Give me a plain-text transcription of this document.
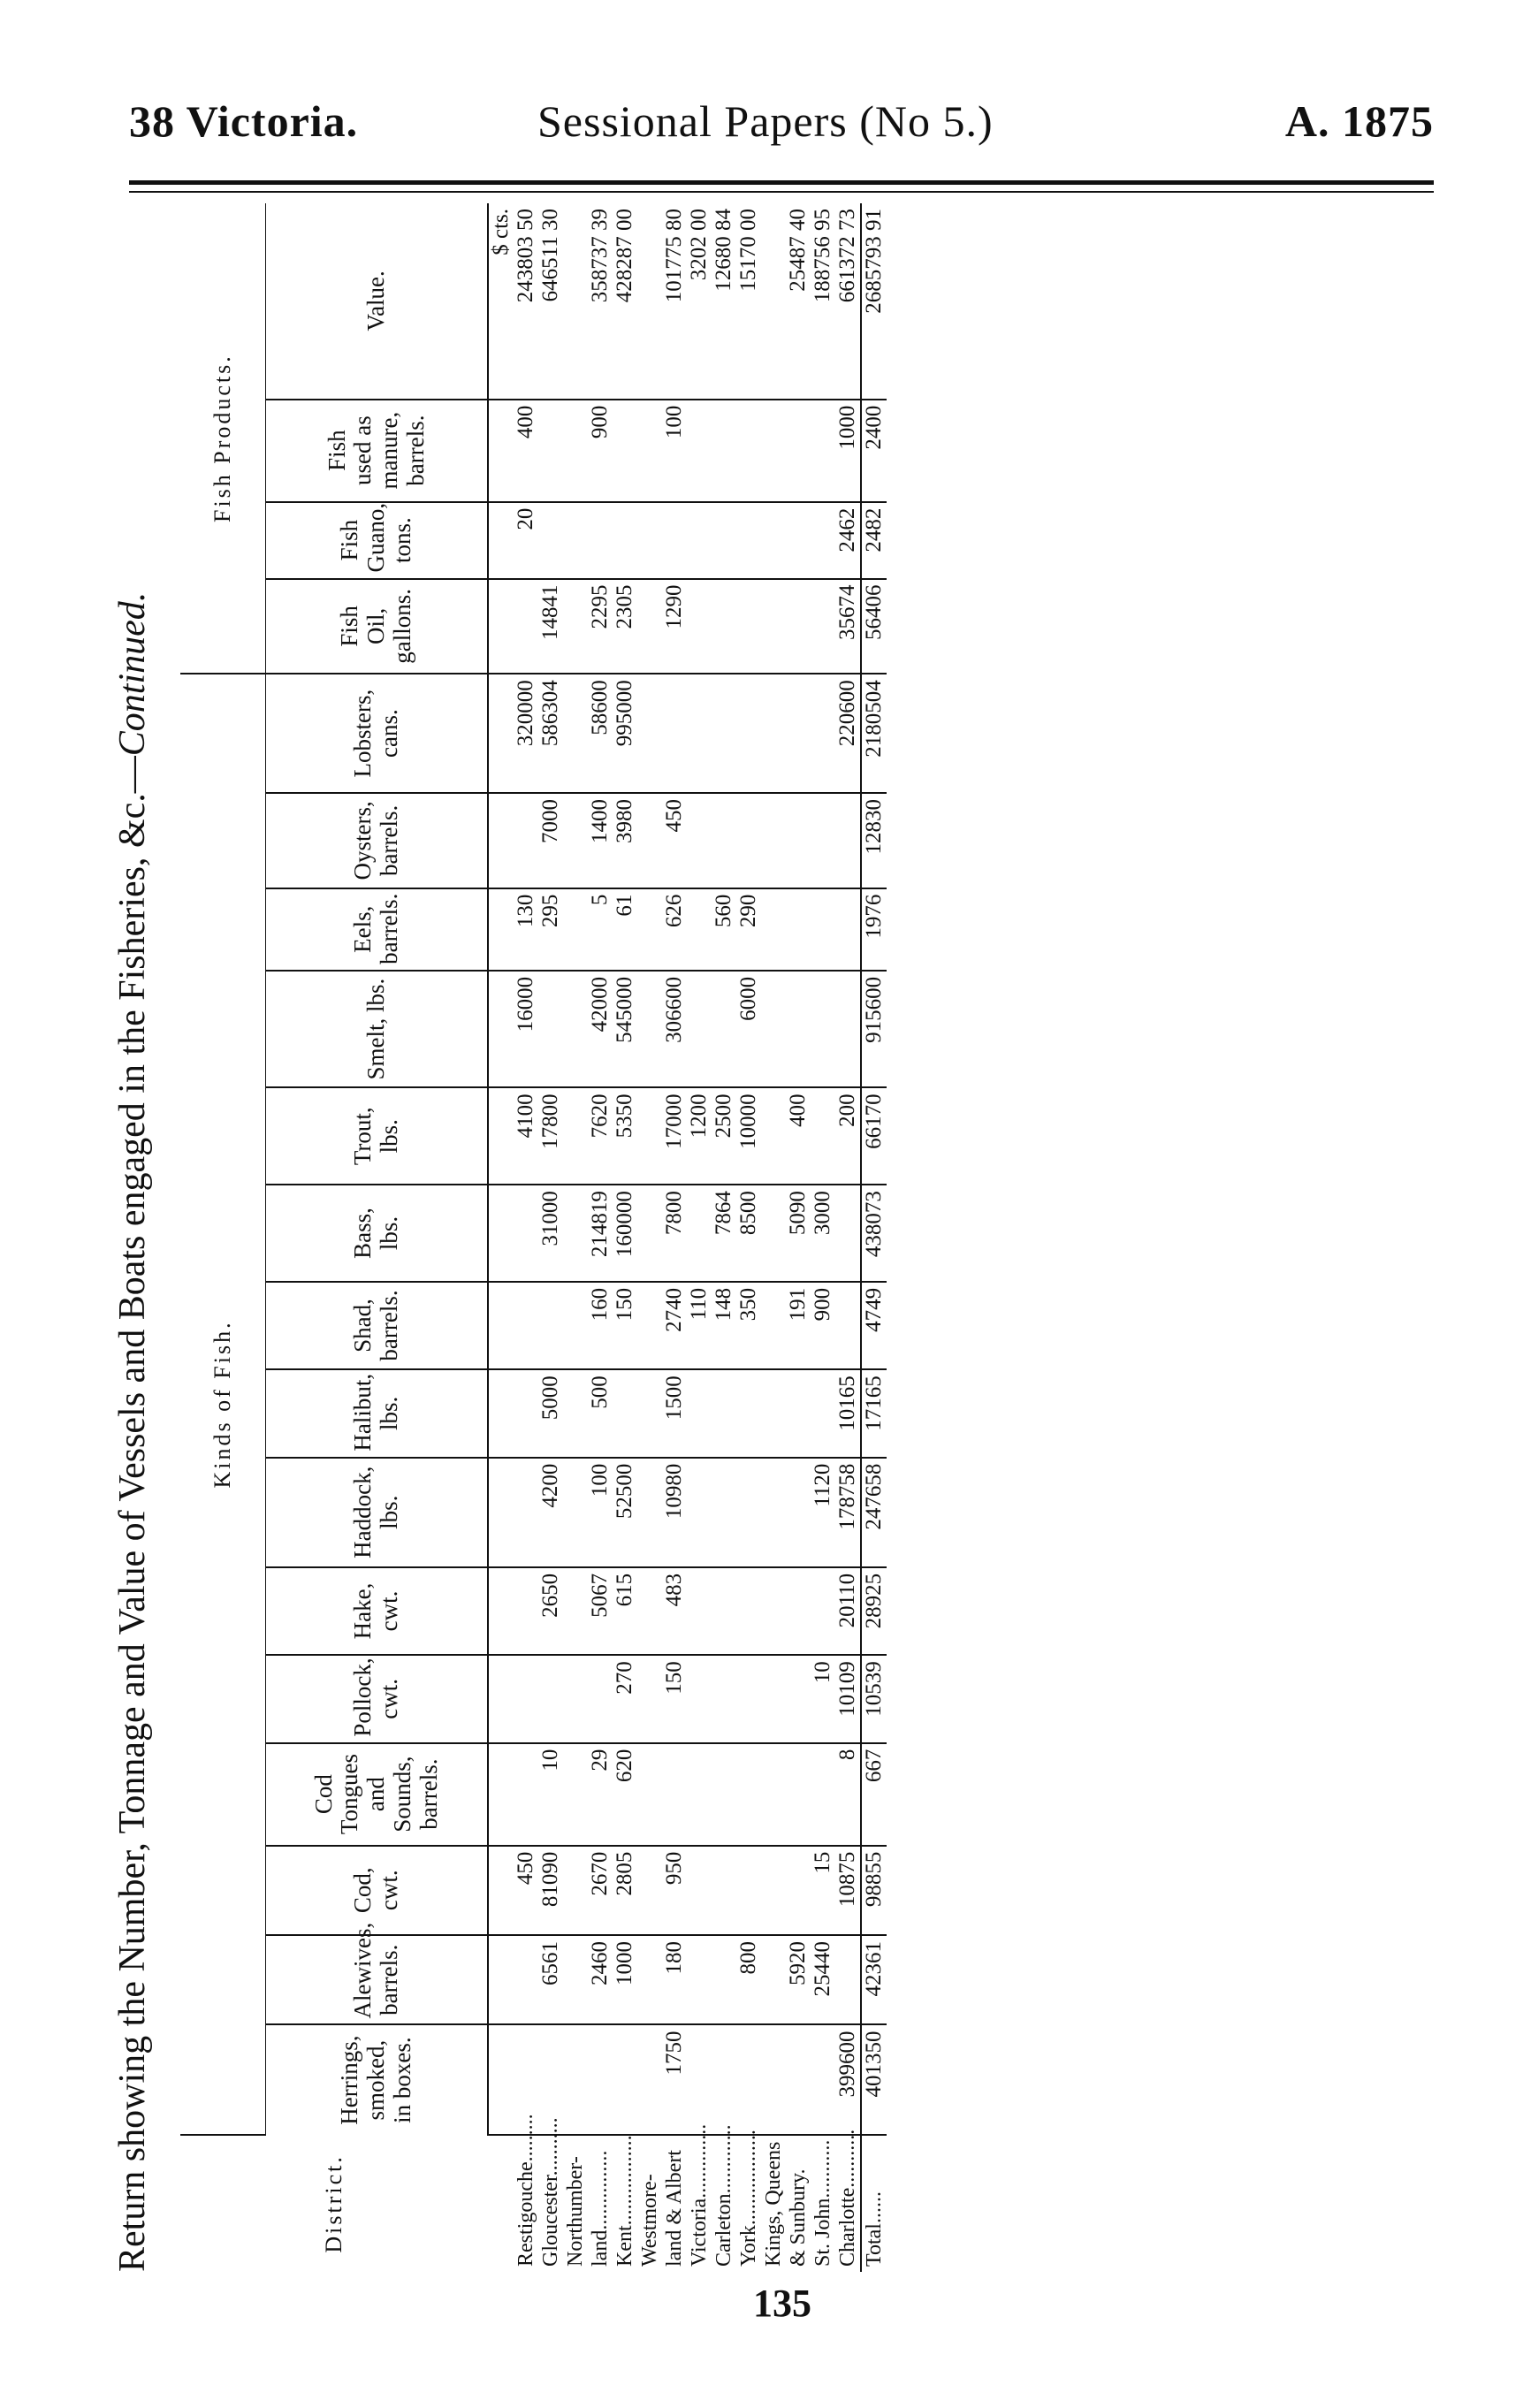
38 Victoria.	Sessional Papers (No 5.)	A. 1875
Return showing the Number, Tonnage and Value of Vessels and Boats engaged in the Fisheries, &c.—Continued.
District.	Kinds of Fish.															Fish Products.			
	Herrings, smoked, in boxes.	Alewives, barrels.	Cod, cwt.	Cod Tongues and Sounds, barrels.	Pollock, cwt.	Hake, cwt.	Haddock, lbs.	Halibut, lbs.	Shad, barrels.	Bass, lbs.	Trout, lbs.	Smelt, lbs.	Eels, barrels.	Oysters, barrels.	Lobsters, cans.	Fish Oil, gallons.	Fish Guano, tons.	Fish used as manure, barrels.	Value.
																			$ cts.
Restigouche.........			450								4100	16000	130		320000		20	400	243803 50
Gloucester...........		6561	81090	10		2650	4200	5000		31000	17800		295	7000	586304	14841			646511 30
Northumber-																			
land...............		2460	2670	29		5067	100	500	160	214819	7620	42000	5	1400	58600	2295		900	358737 39
Kent.................		1000	2805	620	270	615	52500		150	160000	5350	545000	61	3980	995000	2305			428287 00
Westmore-																			
land & Albert	1750	180	950		150	483	10980	1500	2740	7800	17000	306600	626	450		1290		100	101775 80
Victoria..............									110		1200								3202 00
Carleton.............									148	7864	2500		560						12680 84
York..................		800							350	8500	10000	6000	290						15170 00
Kings, Queens																			
& Sunbury.		5920							191	5090	400								25487 40
St. John...........		25440	15		10		1120		900	3000									188756 95
Charlotte...........	399600		10875	8	10109	20110	178758	10165			200				220600	35674	2462	1000	661372 73
Total......	401350	42361	98855	667	10539	28925	247658	17165	4749	438073	66170	915600	1976	12830	2180504	56406	2482	2400	2685793 91
135
